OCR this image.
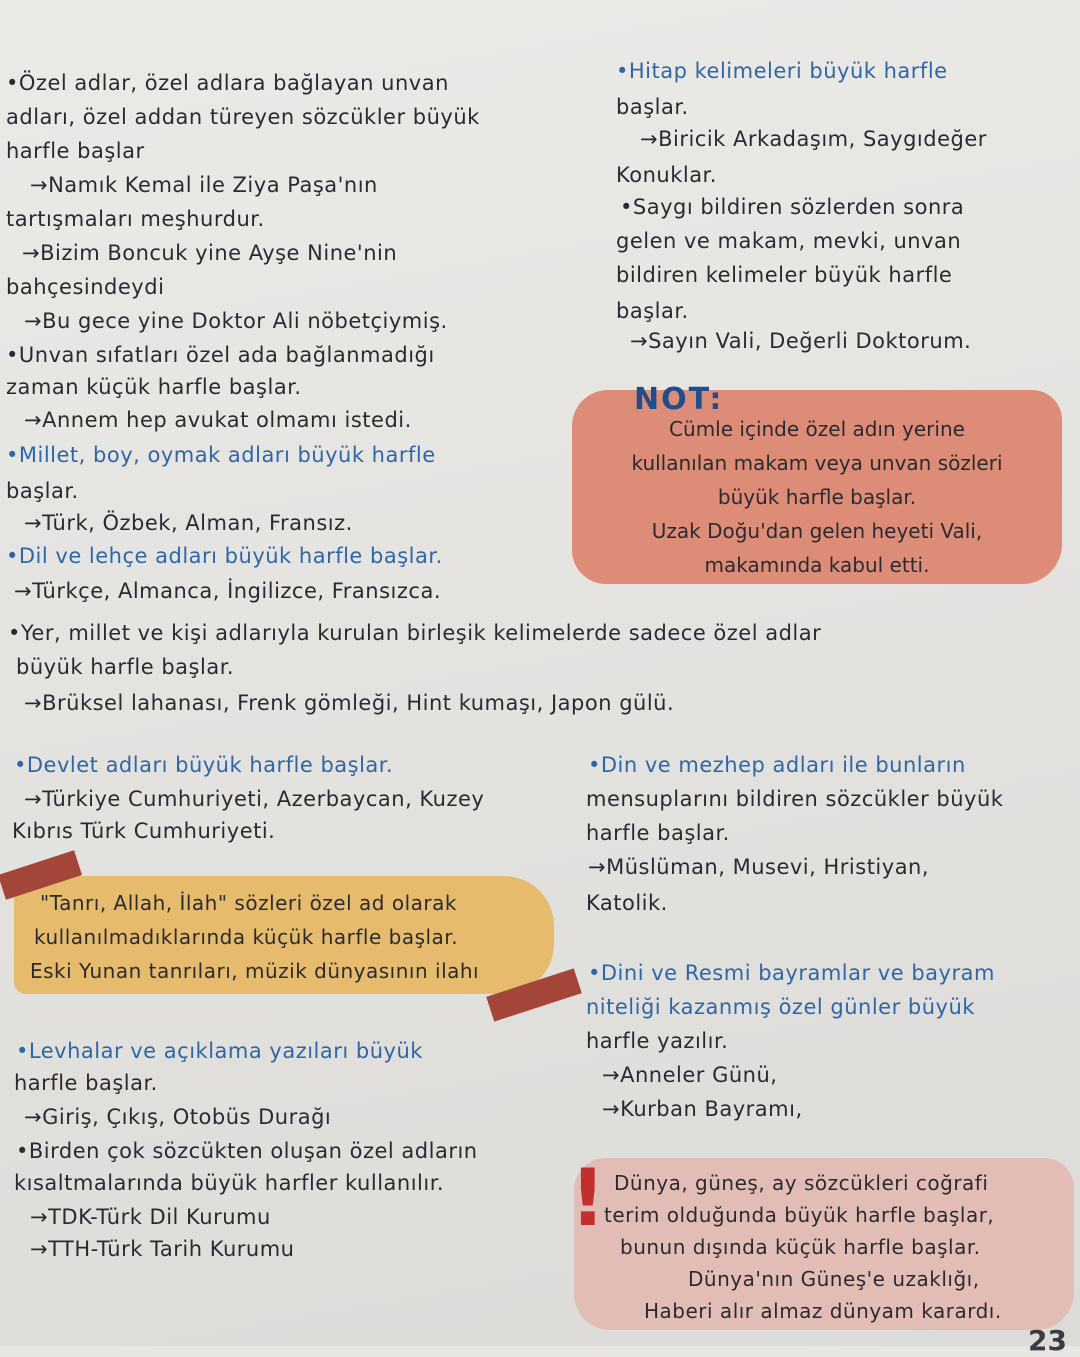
•Özel adlar, özel adlara bağlayan unvan
adları, özel addan türeyen sözcükler büyük
harfle başlar
→Namık Kemal ile Ziya Paşa'nın
tartışmaları meşhurdur.
→Bizim Boncuk yine Ayşe Nine'nin
bahçesindeydi
→Bu gece yine Doktor Ali nöbetçiymiş.
•Unvan sıfatları özel ada bağlanmadığı
zaman küçük harfle başlar.
→Annem hep avukat olmamı istedi.
•Millet, boy, oymak adları büyük harfle
başlar.
→Türk, Özbek, Alman, Fransız.
•Dil ve lehçe adları büyük harfle başlar.
→Türkçe, Almanca, İngilizce, Fransızca.
•Hitap kelimeleri büyük harfle
başlar.
→Biricik Arkadaşım, Saygıdeğer
Konuklar.
•Saygı bildiren sözlerden sonra
gelen ve makam, mevki, unvan
bildiren kelimeler büyük harfle
başlar.
→Sayın Vali, Değerli Doktorum.
NOT:
Cümle içinde özel adın yerine
kullanılan makam veya unvan sözleri
büyük harfle başlar.
Uzak Doğu'dan gelen heyeti Vali,
makamında kabul etti.
•Yer, millet ve kişi adlarıyla kurulan birleşik kelimelerde sadece özel adlar
büyük harfle başlar.
→Brüksel lahanası, Frenk gömleği, Hint kumaşı, Japon gülü.
•Devlet adları büyük harfle başlar.
→Türkiye Cumhuriyeti, Azerbaycan, Kuzey
Kıbrıs Türk Cumhuriyeti.
"Tanrı, Allah, İlah" sözleri özel ad olarak
kullanılmadıklarında küçük harfle başlar.
Eski Yunan tanrıları, müzik dünyasının ilahı
•Din ve mezhep adları ile bunların
mensuplarını bildiren sözcükler büyük
harfle başlar.
→Müslüman, Musevi, Hristiyan,
Katolik.
•Dini ve Resmi bayramlar ve bayram
niteliği kazanmış özel günler büyük
harfle yazılır.
→Anneler Günü,
→Kurban Bayramı,
•Levhalar ve açıklama yazıları büyük
harfle başlar.
→Giriş, Çıkış, Otobüs Durağı
•Birden çok sözcükten oluşan özel adların
kısaltmalarında büyük harfler kullanılır.
→TDK-Türk Dil Kurumu
→TTH-Türk Tarih Kurumu
! Dünya, güneş, ay sözcükleri coğrafi
terim olduğunda büyük harfle başlar,
bunun dışında küçük harfle başlar.
Dünya'nın Güneş'e uzaklığı,
Haberi alır almaz dünyam karardı.
23
